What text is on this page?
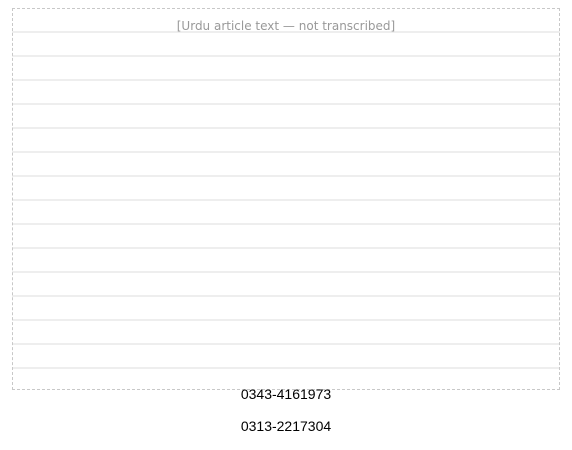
[Urdu article text — not transcribed]
0343-4161973
0313-2217304
